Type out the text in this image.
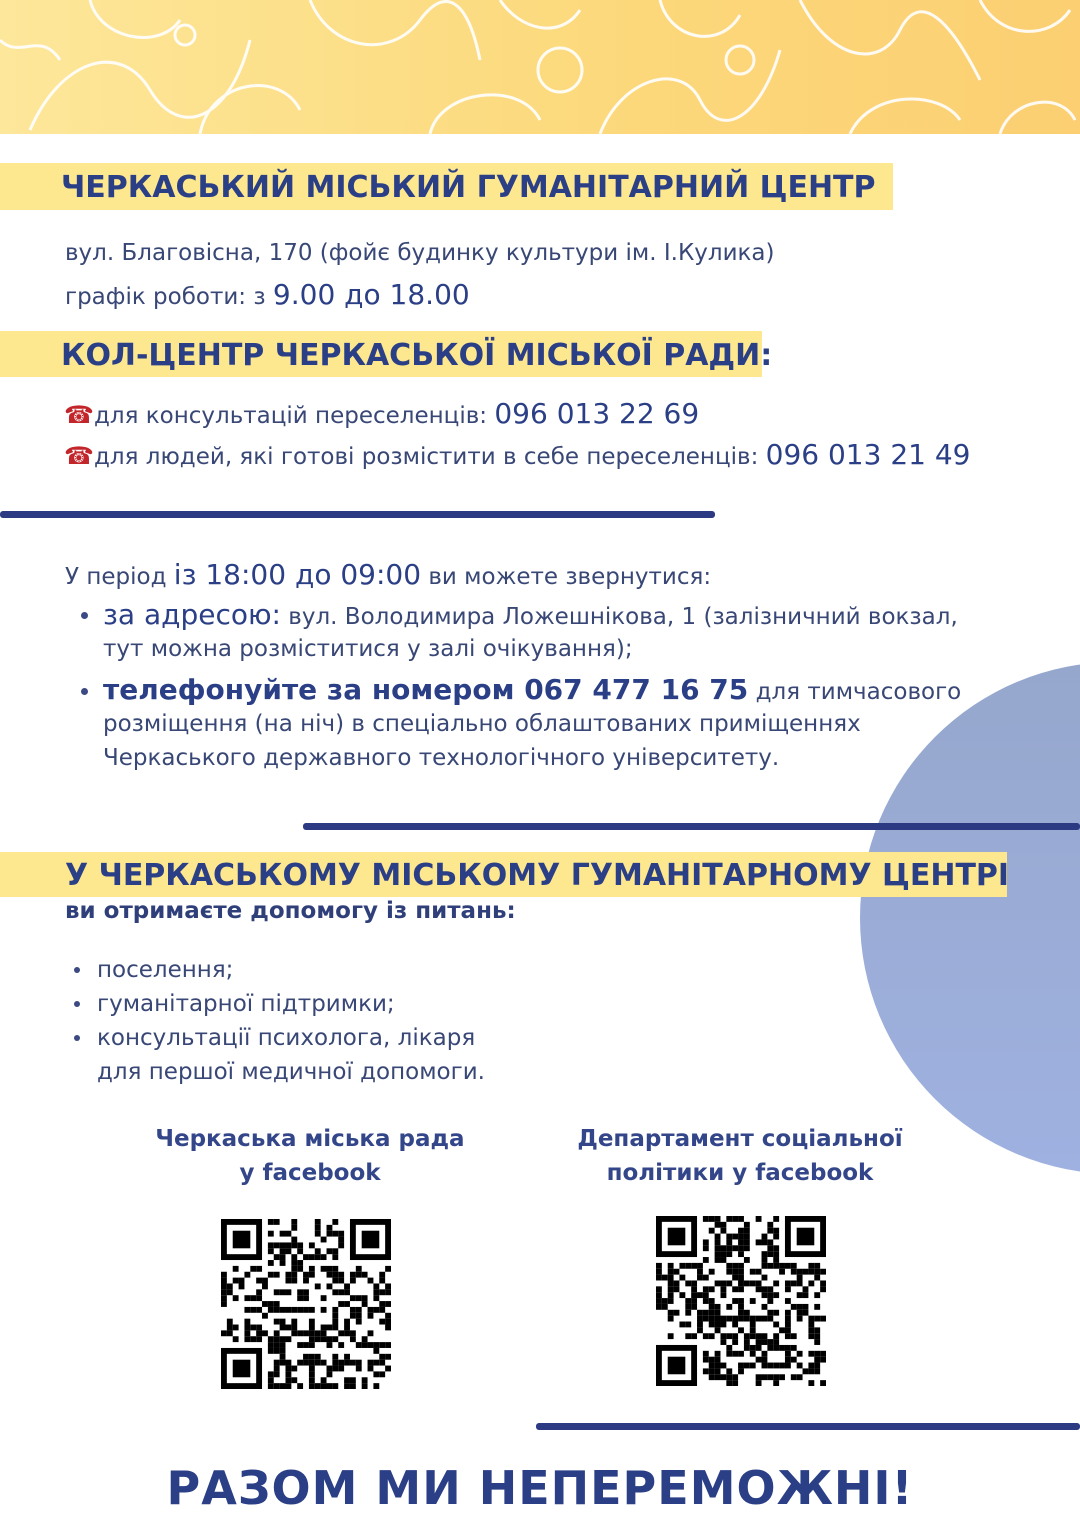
ЧЕРКАСЬКИЙ МІСЬКИЙ ГУМАНІТАРНИЙ ЦЕНТР
вул. Благовісна, 170 (фойє будинку культури ім. І.Кулика)
графік роботи: з 9.00 до 18.00
КОЛ-ЦЕНТР ЧЕРКАСЬКОЇ МІСЬКОЇ РАДИ:
☎для консультацій переселенців: 096 013 22 69
☎для людей, які готові розмістити в себе переселенців: 096 013 21 49
У період із 18:00 до 09:00 ви можете звернутися:
за адресою: вул. Володимира Ложешнікова, 1 (залізничний вокзал,
тут можна розміститися у залі очікування);
телефонуйте за номером 067 477 16 75 для тимчасового
розміщення (на ніч) в спеціально облаштованих приміщеннях
Черкаського державного технологічного університету.
У ЧЕРКАСЬКОМУ МІСЬКОМУ ГУМАНІТАРНОМУ ЦЕНТРІ
ви отримаєте допомогу із питань:
поселення;
гуманітарної підтримки;
консультації психолога, лікаря
для першої медичної допомоги.
Черкаська міська рада
у facebook
Департамент соціальної
політики у facebook
РАЗОМ МИ НЕПЕРЕМОЖНІ!
